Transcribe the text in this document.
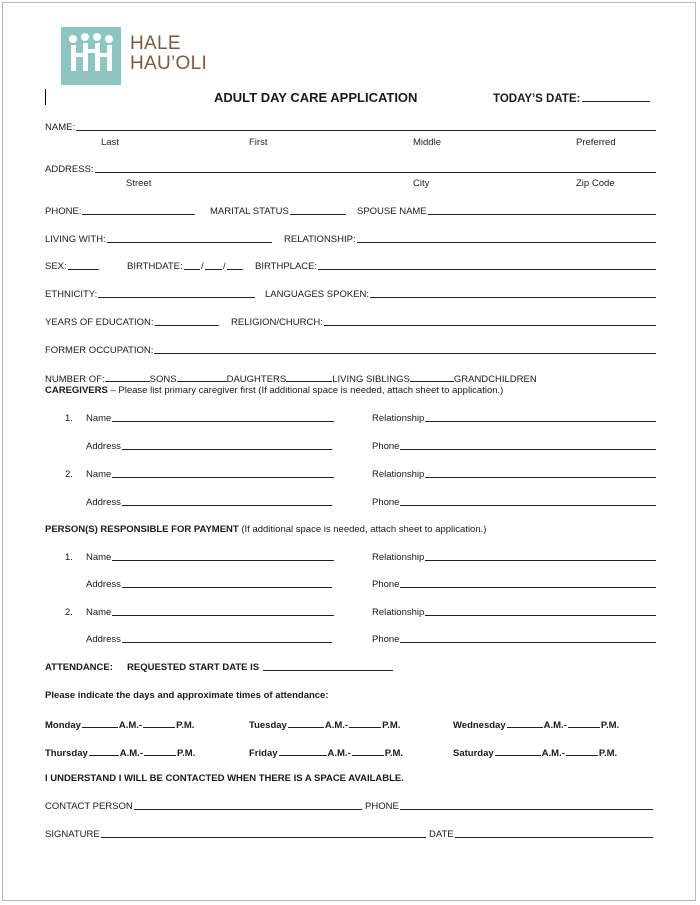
HALE
HAU’OLI
ADULT DAY CARE APPLICATION	TODAY’S DATE:
NAME:
Last	First	Middle	Preferred
ADDRESS:
Street	City	Zip Code
PHONE:	MARITAL STATUS	SPOUSE NAME
LIVING WITH:	RELATIONSHIP:
SEX:	BIRTHDATE: / /	BIRTHPLACE:
ETHNICITY:	LANGUAGES SPOKEN:
YEARS OF EDUCATION:	RELIGION/CHURCH:
FORMER OCCUPATION:
NUMBER OF:	SONS	DAUGHTERS	LIVING SIBLINGS	GRANDCHILDREN
CAREGIVERS – Please list primary caregiver first (If additional space is needed, attach sheet to application.)
1. Name	Relationship
Address	Phone
2. Name	Relationship
Address	Phone
PERSON(S) RESPONSIBLE FOR PAYMENT (If additional space is needed, attach sheet to application.)
1. Name	Relationship
Address	Phone
2. Name	Relationship
Address	Phone
ATTENDANCE: REQUESTED START DATE IS
Please indicate the days and approximate times of attendance:
Monday	A.M.-	P.M.	Tuesday	A.M.-	P.M.	Wednesday	A.M.-	P.M.
Thursday	A.M.-	P.M.	Friday	A.M.-	P.M.	Saturday	A.M.-	P.M.
I UNDERSTAND I WILL BE CONTACTED WHEN THERE IS A SPACE AVAILABLE.
CONTACT PERSON	PHONE
SIGNATURE	DATE
